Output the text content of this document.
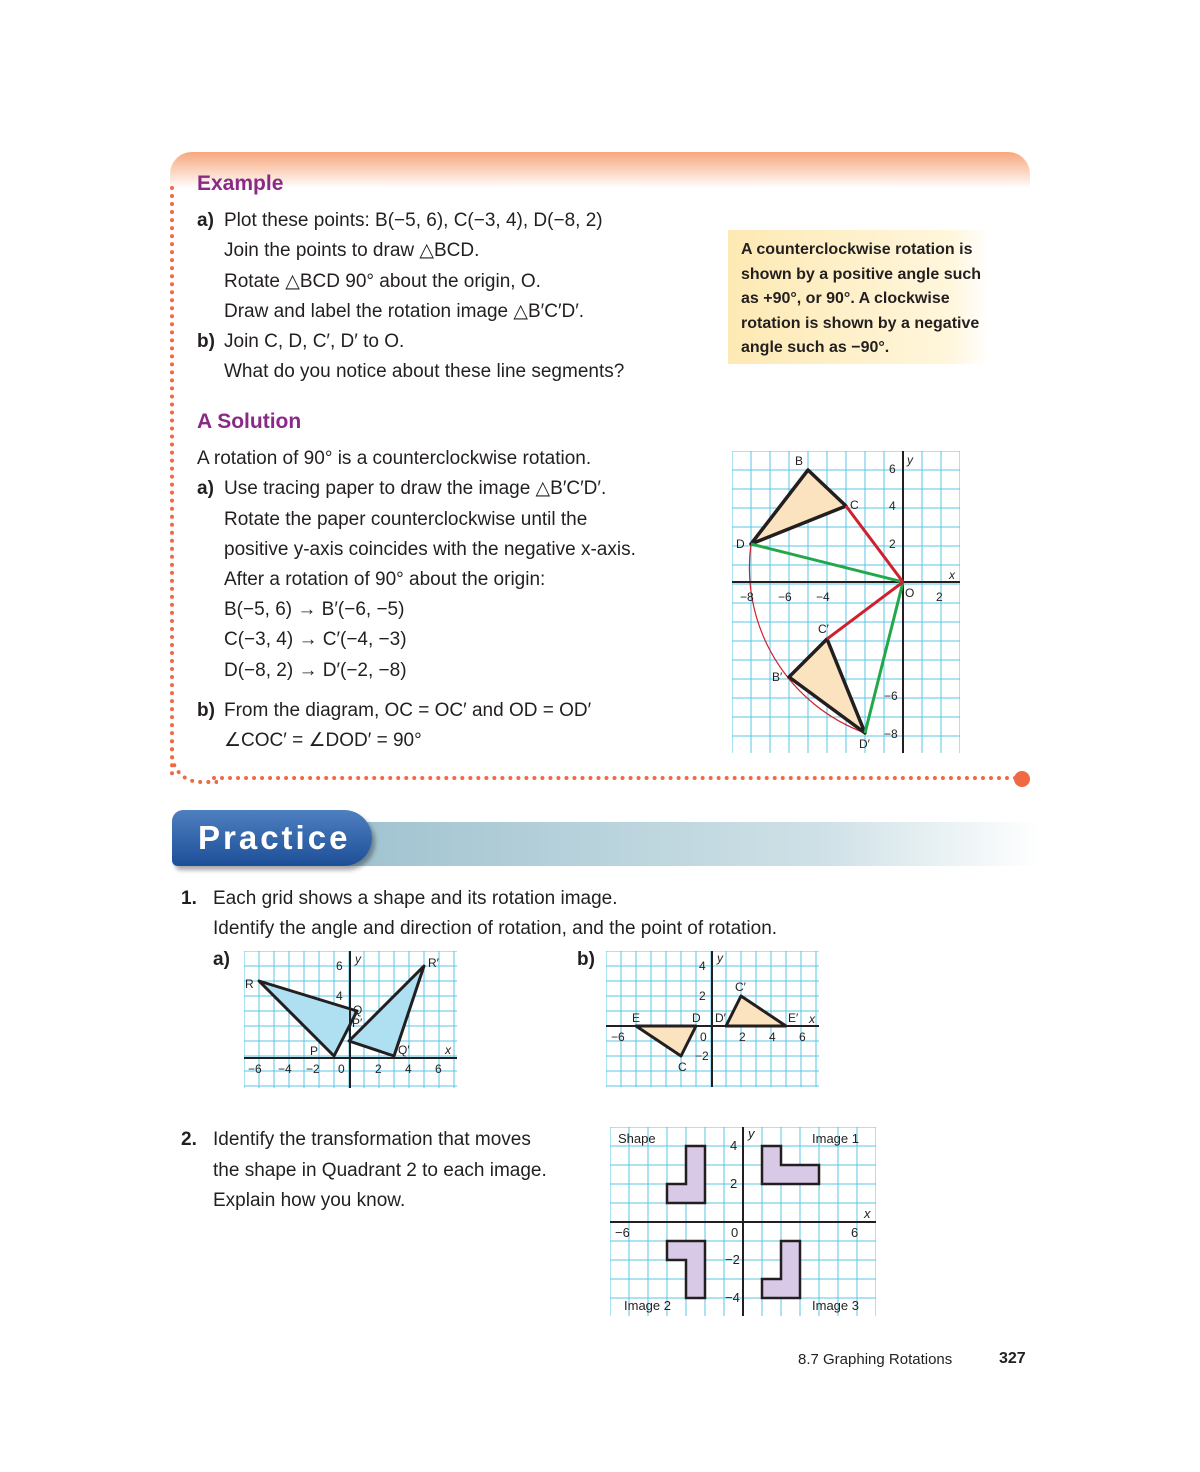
Example
a) Plot these points: B(−5, 6), C(−3, 4), D(−8, 2)
Join the points to draw △BCD.
Rotate △BCD 90° about the origin, O.
Draw and label the rotation image △B′C′D′.
b) Join C, D, C′, D′ to O.
What do you notice about these line segments?
A counterclockwise rotation is
shown by a positive angle such
as +90°, or 90°. A clockwise
rotation is shown by a negative
angle such as −90°.
A Solution
A rotation of 90° is a counterclockwise rotation.
a) Use tracing paper to draw the image △B′C′D′.
Rotate the paper counterclockwise until the
positive y-axis coincides with the negative x-axis.
After a rotation of 90° about the origin:
B(−5, 6) → B′(−6, −5)
C(−3, 4) → C′(−4, −3)
D(−8, 2) → D′(−2, −8)
b) From the diagram, OC = OC′ and OD = OD′
∠COC′ = ∠DOD′ = 90°
B
C
D
O
B′
C′
D′
y
x
−8 −6 −4	2
6
4
2
−6
−8
Practice
1. Each grid shows a shape and its rotation image.
Identify the angle and direction of rotation, and the point of rotation.
a)	b)
R
R′
Q
P′
P	Q′
y
x
−6 −4 −2 0	2 4 6
6
4
C′
E	D D′	E′
C
y
x
−6	0	2 4 6
4
2
−2
2. Identify the transformation that moves
the shape in Quadrant 2 to each image.
Explain how you know.
Shape	Image 1
Image 2	Image 3
y
x
−6	0	6
4
2
−2
−4
8.7 Graphing Rotations	327
